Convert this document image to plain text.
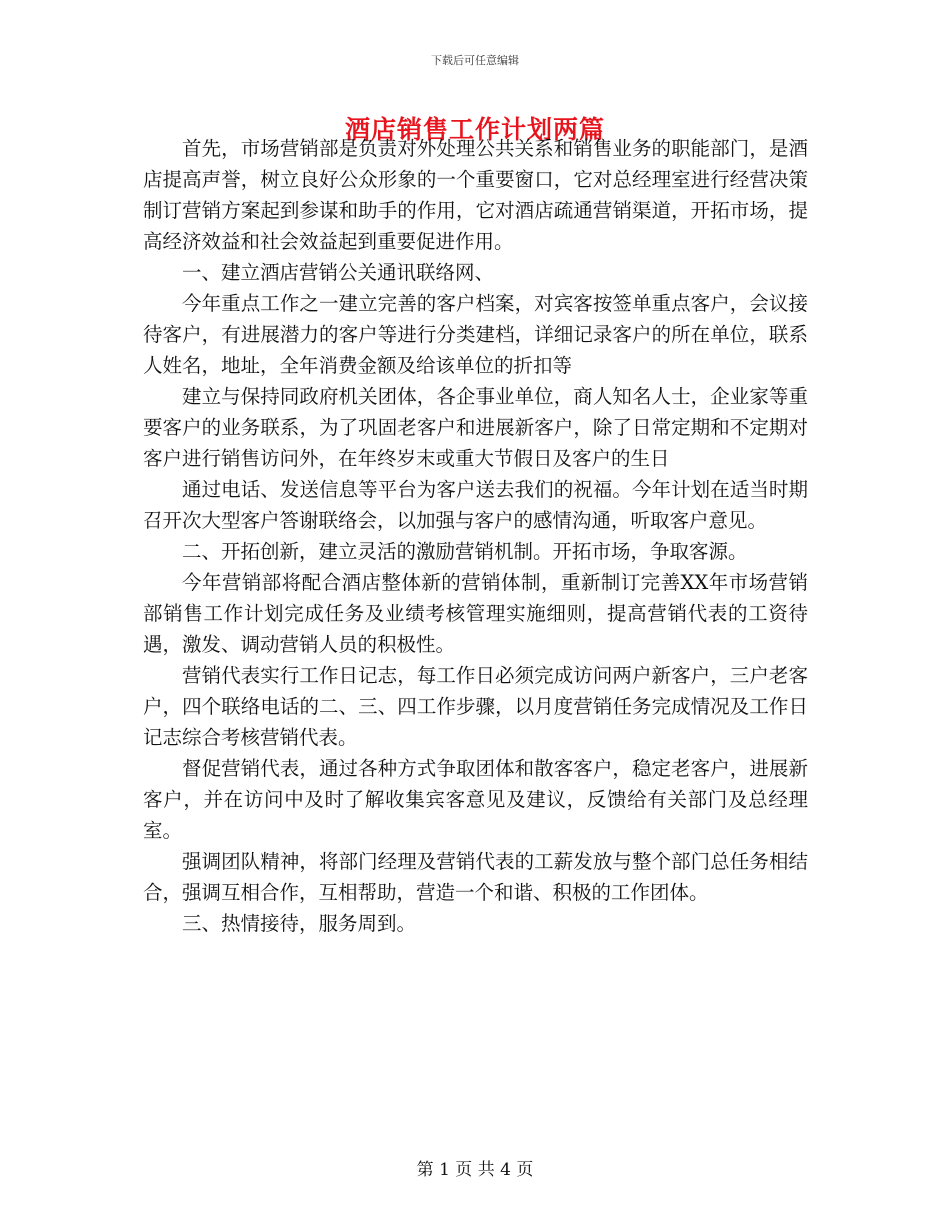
下载后可任意编辑
酒店销售工作计划两篇

首先，市场营销部是负责对外处理公共关系和销售业务的职能部门，是酒店提高声誉，树立良好公众形象的一个重要窗口，它对总经理室进行经营决策制订营销方案起到参谋和助手的作用，它对酒店疏通营销渠道，开拓市场，提高经济效益和社会效益起到重要促进作用。

一、建立酒店营销公关通讯联络网、

今年重点工作之一建立完善的客户档案，对宾客按签单重点客户，会议接待客户，有进展潜力的客户等进行分类建档，详细记录客户的所在单位，联系人姓名，地址，全年消费金额及给该单位的折扣等

建立与保持同政府机关团体，各企事业单位，商人知名人士，企业家等重要客户的业务联系，为了巩固老客户和进展新客户，除了日常定期和不定期对客户进行销售访问外，在年终岁末或重大节假日及客户的生日

通过电话、发送信息等平台为客户送去我们的祝福。今年计划在适当时期召开次大型客户答谢联络会，以加强与客户的感情沟通，听取客户意见。

二、开拓创新，建立灵活的激励营销机制。开拓市场，争取客源。

今年营销部将配合酒店整体新的营销体制，重新制订完善XX年市场营销部销售工作计划完成任务及业绩考核管理实施细则，提高营销代表的工资待遇，激发、调动营销人员的积极性。

营销代表实行工作日记志，每工作日必须完成访问两户新客户，三户老客户，四个联络电话的二、三、四工作步骤，以月度营销任务完成情况及工作日记志综合考核营销代表。

督促营销代表，通过各种方式争取团体和散客客户，稳定老客户，进展新客户，并在访问中及时了解收集宾客意见及建议，反馈给有关部门及总经理室。

强调团队精神，将部门经理及营销代表的工薪发放与整个部门总任务相结合，强调互相合作，互相帮助，营造一个和谐、积极的工作团体。

三、热情接待，服务周到。

第 1 页 共 4 页
